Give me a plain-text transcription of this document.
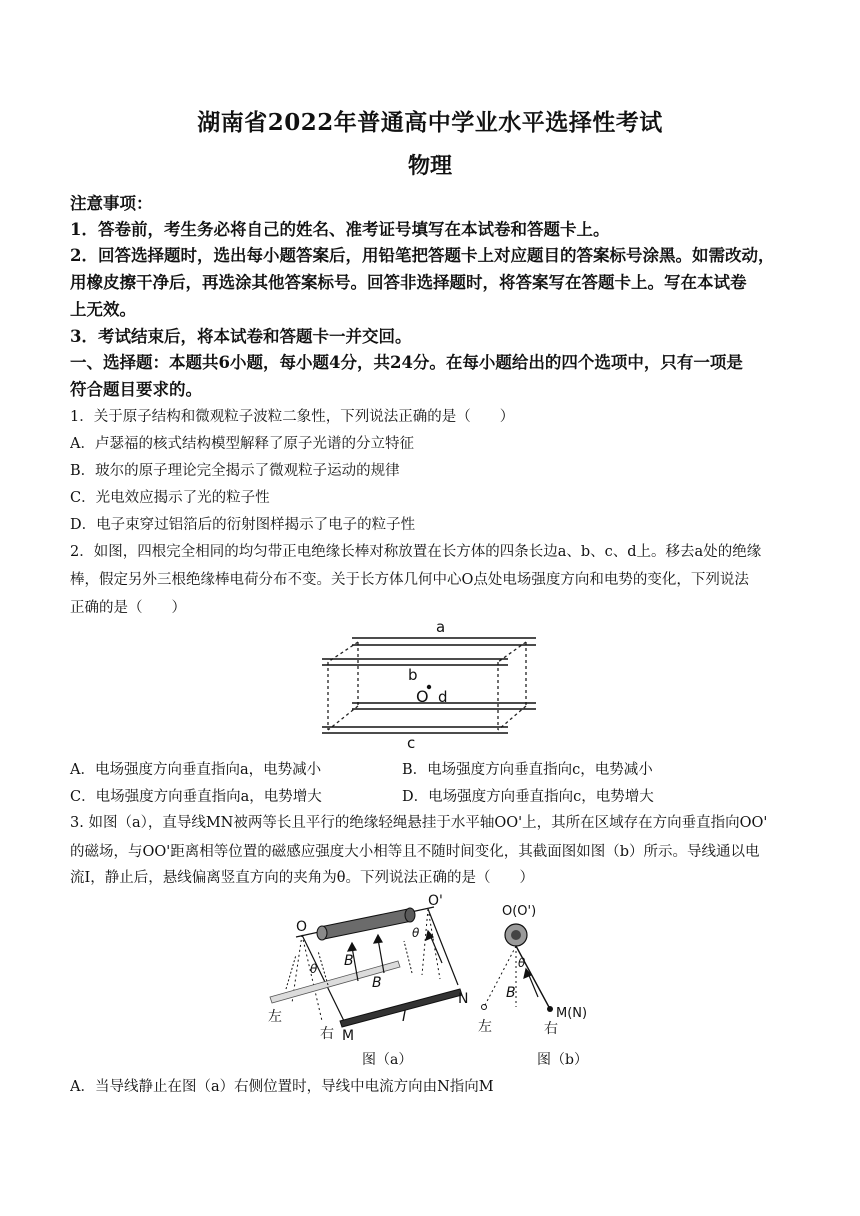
湖南省2022年普通高中学业水平选择性考试
物理
注意事项：
1．答卷前，考生务必将自己的姓名、准考证号填写在本试卷和答题卡上。
2．回答选择题时，选出每小题答案后，用铅笔把答题卡上对应题目的答案标号涂黑。如需改动，
用橡皮擦干净后，再选涂其他答案标号。回答非选择题时，将答案写在答题卡上。写在本试卷
上无效。
3．考试结束后，将本试卷和答题卡一并交回。
一、选择题：本题共6小题，每小题4分，共24分。在每小题给出的四个选项中，只有一项是
符合题目要求的。
1．关于原子结构和微观粒子波粒二象性，下列说法正确的是（　　）
A．卢瑟福的核式结构模型解释了原子光谱的分立特征
B．玻尔的原子理论完全揭示了微观粒子运动的规律
C．光电效应揭示了光的粒子性
D．电子束穿过铝箔后的衍射图样揭示了电子的粒子性
2．如图，四根完全相同的均匀带正电绝缘长棒对称放置在长方体的四条长边a、b、c、d上。移去a处的绝缘
棒，假定另外三根绝缘棒电荷分布不变。关于长方体几何中心O点处电场强度方向和电势的变化，下列说法
正确的是（　　）
a
b
O d
c
A．电场强度方向垂直指向a，电势减小	B．电场强度方向垂直指向c，电势减小
C．电场强度方向垂直指向a，电势增大	D．电场强度方向垂直指向c，电势增大
3. 如图（a），直导线MN被两等长且平行的绝缘轻绳悬挂于水平轴OO'上，其所在区域存在方向垂直指向OO'
的磁场，与OO'距离相等位置的磁感应强度大小相等且不随时间变化，其截面图如图（b）所示。导线通以电
流I，静止后，悬线偏离竖直方向的夹角为θ。下列说法正确的是（　　）
O
O'
θ
θ
B
B
N
M
I
左
右
O(O')
θ
B
M(N)
左	右
图（a）	图（b）
A．当导线静止在图（a）右侧位置时，导线中电流方向由N指向M
